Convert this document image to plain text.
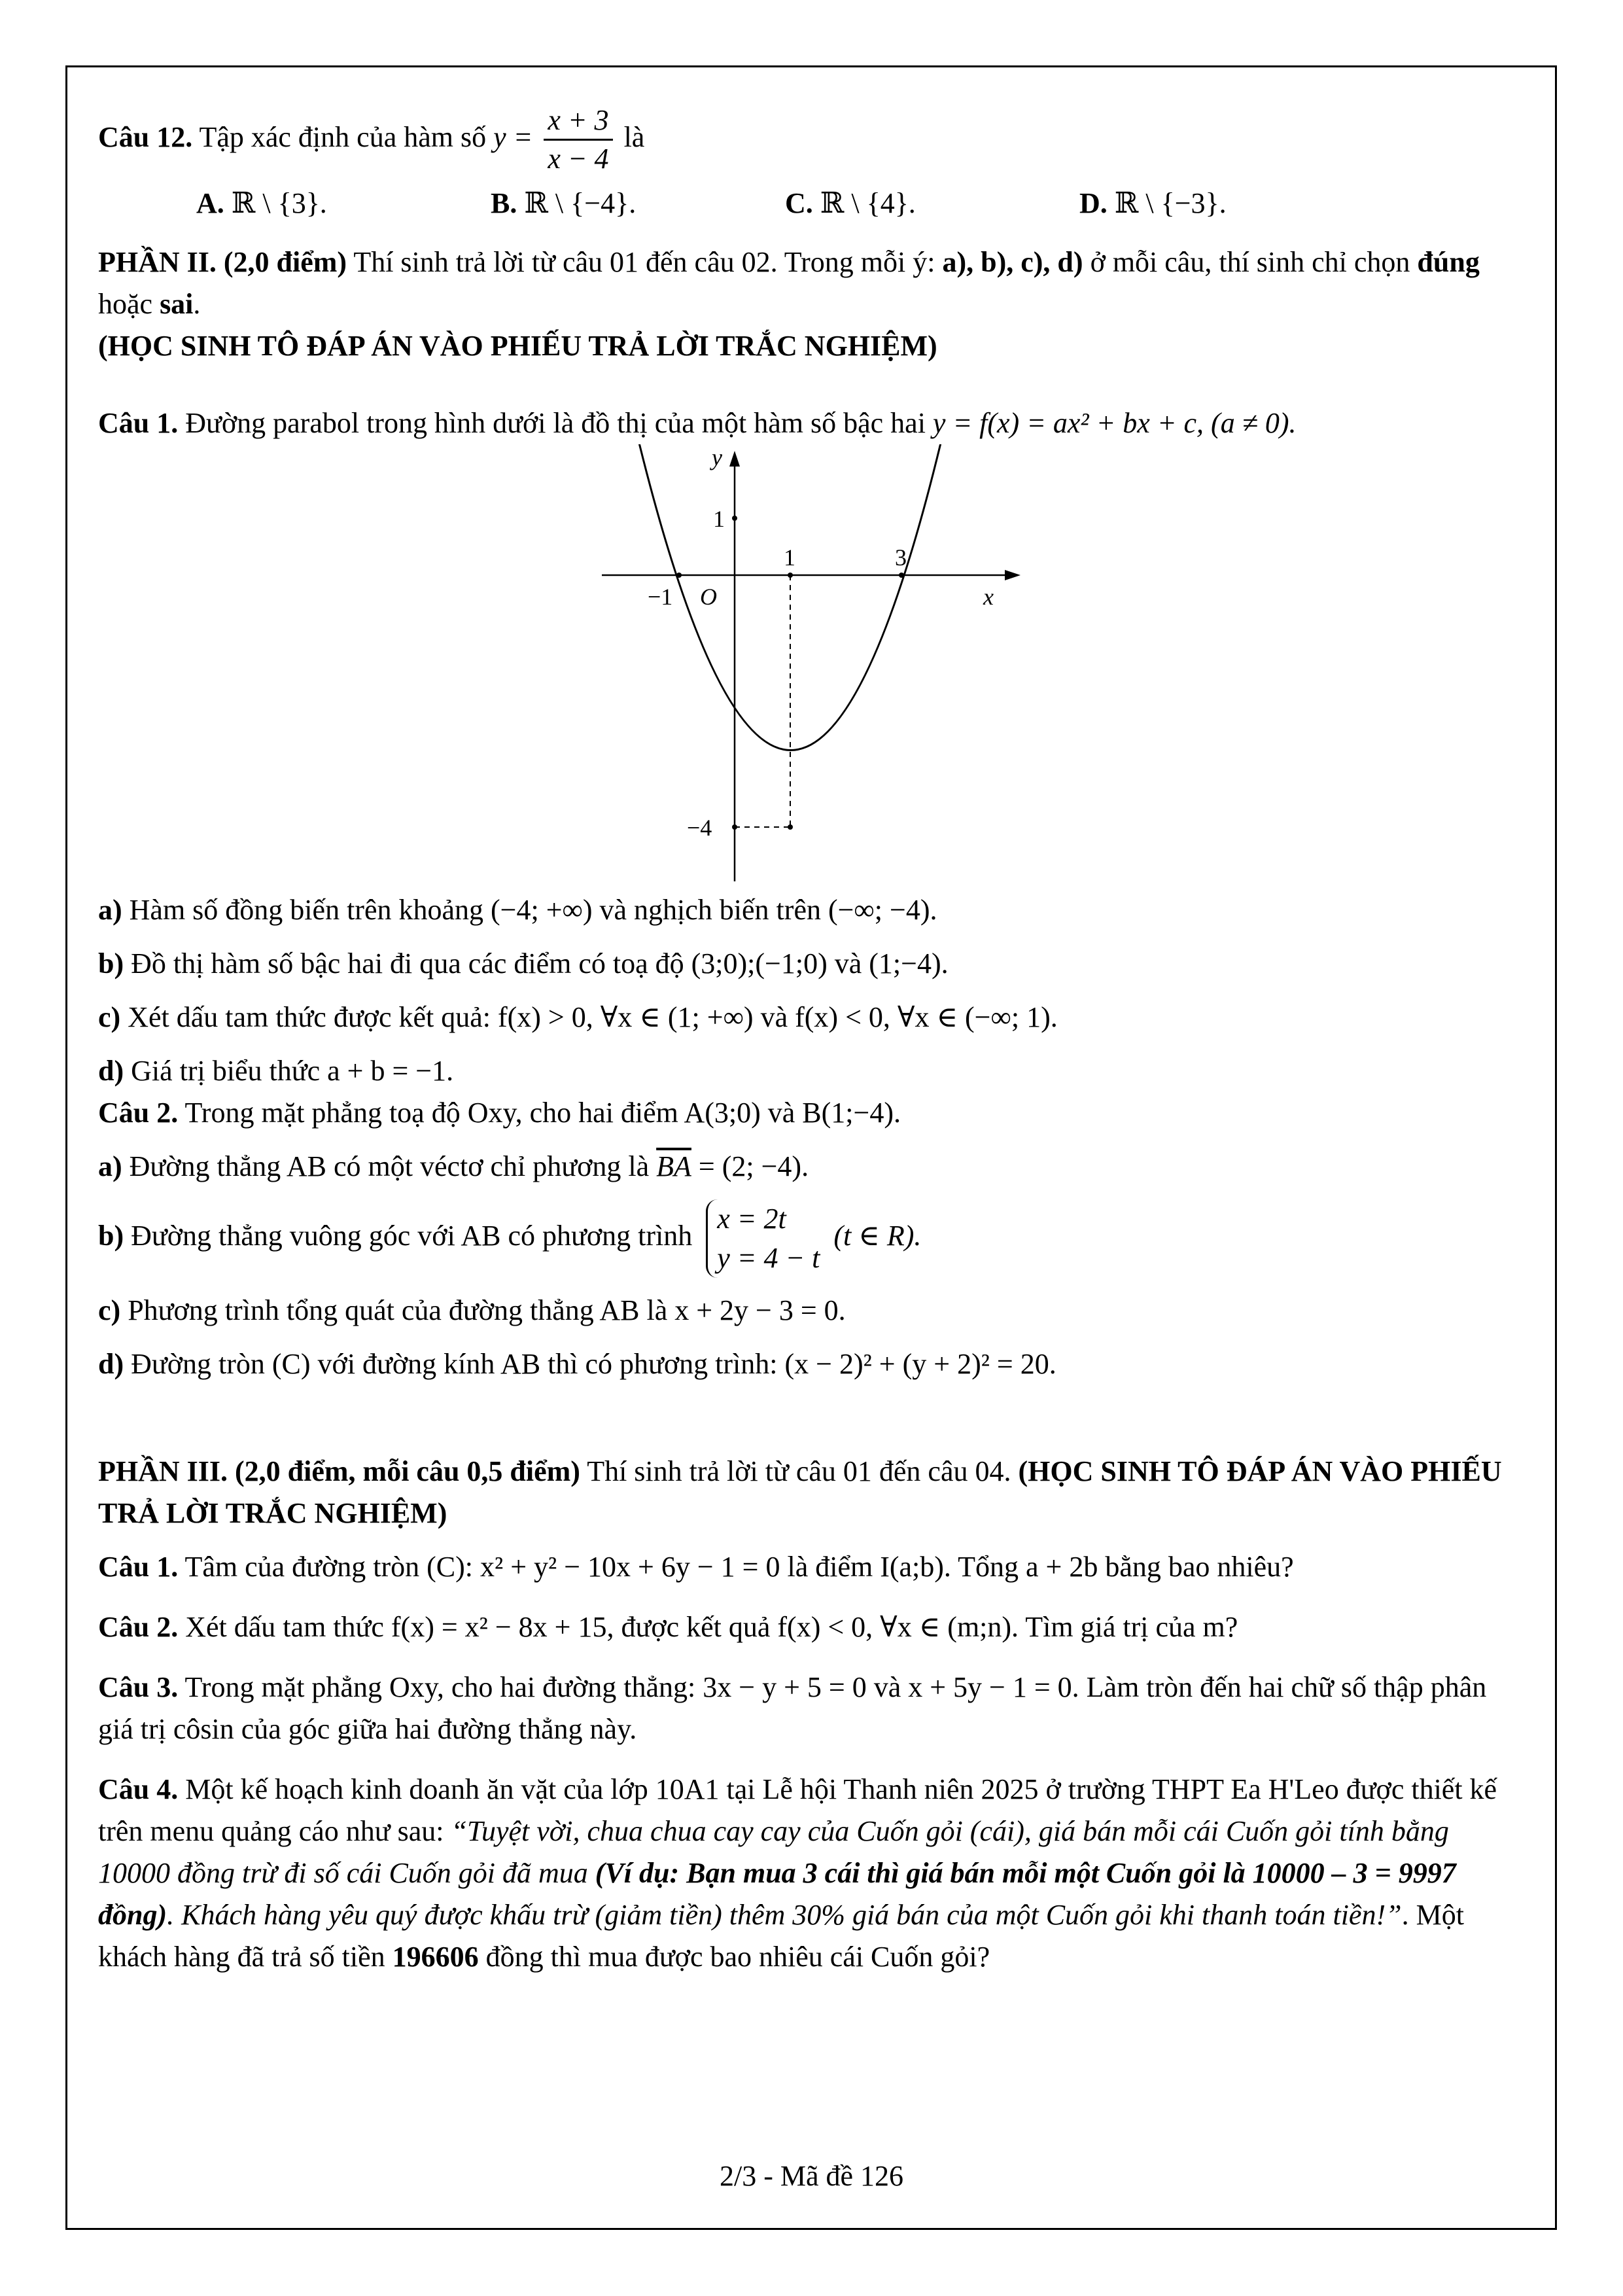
Câu 12. Tập xác định của hàm số $y = \frac{x + 3}{x - 4}$ là
A. ℝ \ {3}.	B. ℝ \ {−4}.	C. ℝ \ {4}.	D. ℝ \ {−3}.
PHẦN II. (2,0 điểm) Thí sinh trả lời từ câu 01 đến câu 02. Trong mỗi ý: a), b), c), d) ở mỗi câu, thí sinh chỉ chọn đúng hoặc sai.
(HỌC SINH TÔ ĐÁP ÁN VÀO PHIẾU TRẢ LỜI TRẮC NGHIỆM)
Câu 1. Đường parabol trong hình dưới là đồ thị của một hàm số bậc hai y = f(x) = ax² + bx + c, (a ≠ 0).
y
x
O
1
1	3
−1
−4
a) Hàm số đồng biến trên khoảng (−4; +∞) và nghịch biến trên (−∞; −4).
b) Đồ thị hàm số bậc hai đi qua các điểm có toạ độ (3;0);(−1;0) và (1;−4).
c) Xét dấu tam thức được kết quả: f(x) > 0, ∀x ∈ (1; +∞) và f(x) < 0, ∀x ∈ (−∞; 1).
d) Giá trị biểu thức a + b = −1.
Câu 2. Trong mặt phẳng toạ độ Oxy, cho hai điểm A(3;0) và B(1;−4).
a) Đường thẳng AB có một véctơ chỉ phương là $\overline{BA} = (2$; −4).
b) Đường thẳng vuông góc với AB có phương trình
x = 2t
y = 4 − t
(t ∈ R).
c) Phương trình tổng quát của đường thẳng AB là x + 2y − 3 = 0.
d) Đường tròn (C) với đường kính AB thì có phương trình: (x − 2)² + (y + 2)² = 20.
PHẦN III. (2,0 điểm, mỗi câu 0,5 điểm) Thí sinh trả lời từ câu 01 đến câu 04. (HỌC SINH TÔ ĐÁP ÁN VÀO PHIẾU TRẢ LỜI TRẮC NGHIỆM)
Câu 1. Tâm của đường tròn (C): x² + y² − 10x + 6y − 1 = 0 là điểm I(a;b). Tổng a + 2b bằng bao nhiêu?
Câu 2. Xét dấu tam thức f(x) = x² − 8x + 15, được kết quả f(x) < 0, ∀x ∈ (m;n). Tìm giá trị của m?
Câu 3. Trong mặt phẳng Oxy, cho hai đường thẳng: 3x − y + 5 = 0 và x + 5y − 1 = 0. Làm tròn đến hai chữ số thập phân giá trị côsin của góc giữa hai đường thẳng này.
Câu 4. Một kế hoạch kinh doanh ăn vặt của lớp 10A1 tại Lễ hội Thanh niên 2025 ở trường THPT Ea H'Leo được thiết kế trên menu quảng cáo như sau: “Tuyệt vời, chua chua cay cay của Cuốn gỏi (cái), giá bán mỗi cái Cuốn gỏi tính bằng 10000 đồng trừ đi số cái Cuốn gỏi đã mua (Ví dụ: Bạn mua 3 cái thì giá bán mỗi một Cuốn gỏi là 10000 – 3 = 9997 đồng). Khách hàng yêu quý được khấu trừ (giảm tiền) thêm 30% giá bán của một Cuốn gỏi khi thanh toán tiền!”. Một khách hàng đã trả số tiền 196606 đồng thì mua được bao nhiêu cái Cuốn gỏi?
2/3 - Mã đề 126
